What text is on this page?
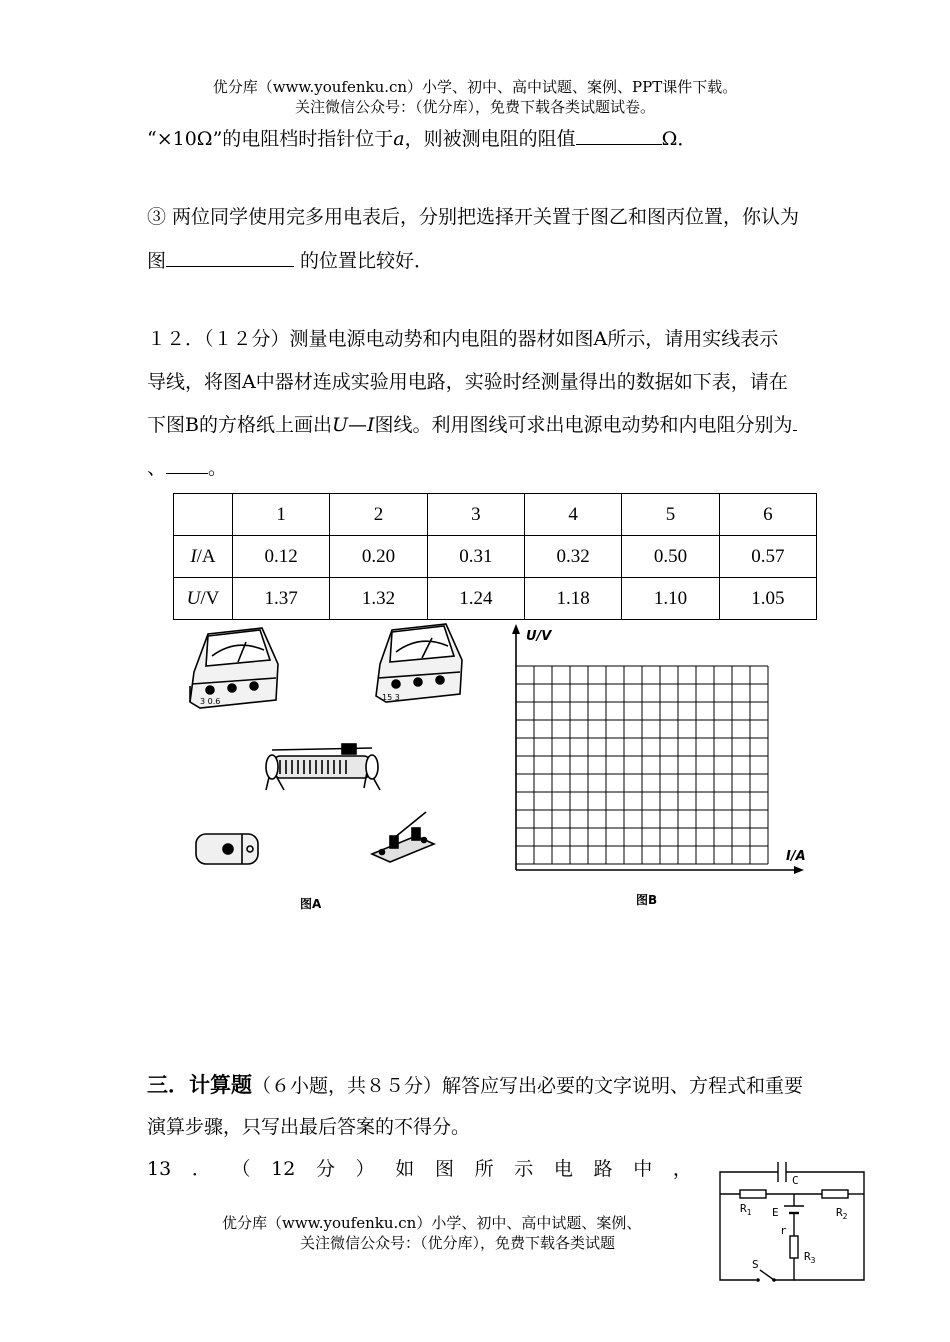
优分库（www.youfenku.cn）小学、初中、高中试题、案例、PPT课件下载。
关注微信公众号：（优分库），免费下载各类试题试卷。
“×10Ω”的电阻档时指针位于a，则被测电阻的阻值	Ω．
③ 两位同学使用完多用电表后，分别把选择开关置于图乙和图丙位置，你认为
图	的位置比较好．
１２．（１２分）测量电源电动势和内电阻的器材如图A所示，请用实线表示
导线，将图A中器材连成实验用电路，实验时经测量得出的数据如下表，请在
下图B的方格纸上画出U—I图线。利用图线可求出电源电动势和内电阻分别为
、 。
	1	2	3	4	5	6
I/A	0.12	0.20	0.31	0.32	0.50	0.57
U/V	1.37	1.32	1.24	1.18	1.10	1.05
3 0.6	15 3
图A
U/V
I/A
图B
三．计算题（６小题，共８５分）解答应写出必要的文字说明、方程式和重要
演算步骤，只写出最后答案的不得分。
13 ． （ 12 分 ） 如 图 所 示 电 路 中 ，
C
$R_1$	$R_2$
E
r
$R_3$
S
优分库（www.youfenku.cn）小学、初中、高中试题、案例、
关注微信公众号：（优分库），免费下载各类试题
